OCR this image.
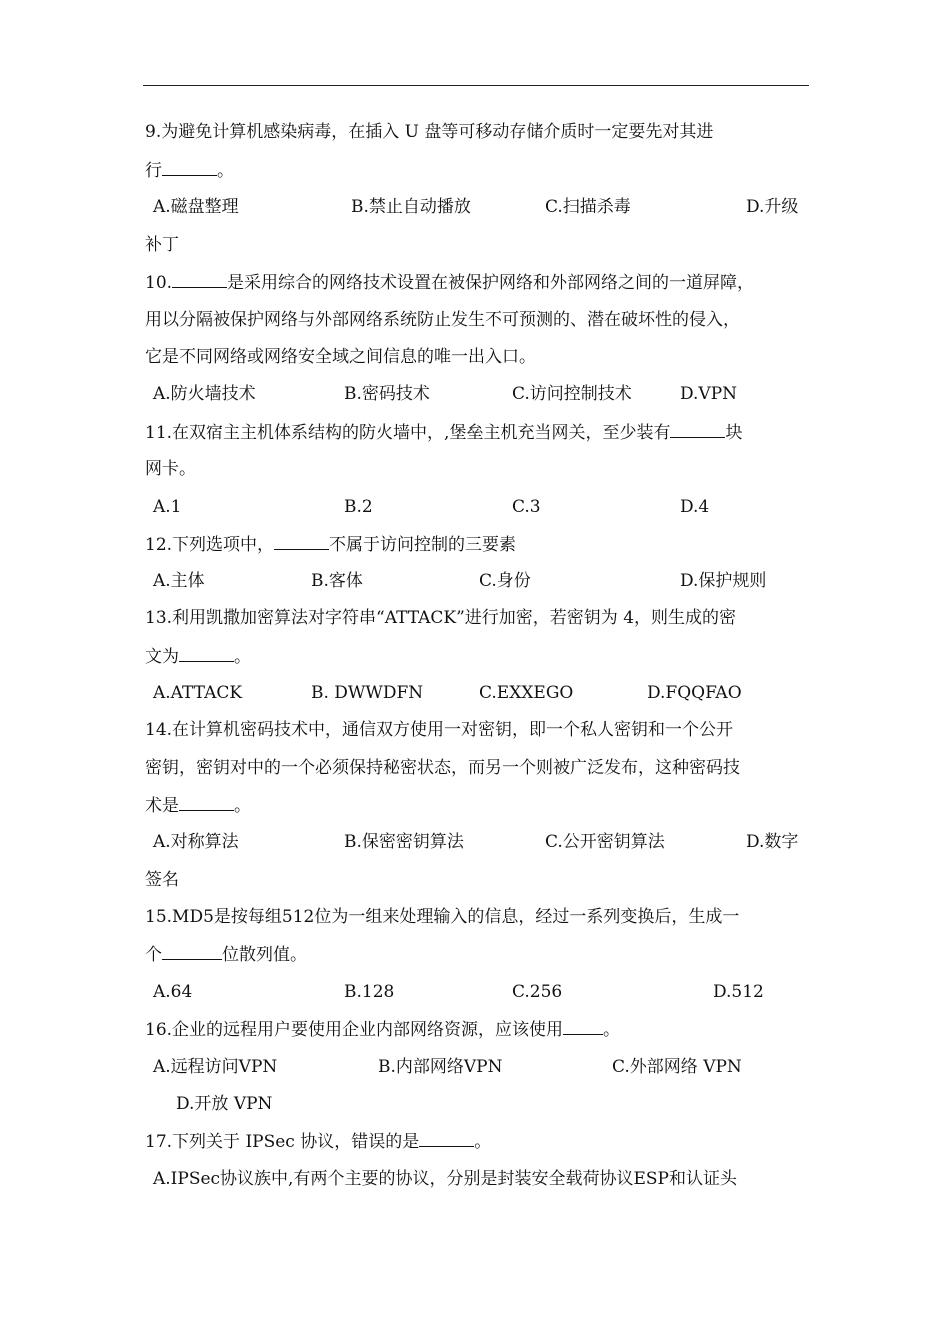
9.为避免计算机感染病毒，在插入 U 盘等可移动存储介质时一定要先对其进
行	。
A.磁盘整理	B.禁止自动播放	C.扫描杀毒	D.升级
补丁
10.	是采用综合的网络技术设置在被保护网络和外部网络之间的一道屏障，
用以分隔被保护网络与外部网络系统防止发生不可预测的、潜在破坏性的侵入，
它是不同网络或网络安全域之间信息的唯一出入口。
A.防火墙技术	B.密码技术	C.访问控制技术	D.VPN
11.在双宿主主机体系结构的防火墙中，,堡垒主机充当网关，至少装有	块
网卡。
A.1	B.2	C.3	D.4
12.下列选项中，	不属于访问控制的三要素
A.主体	B.客体	C.身份	D.保护规则
13.利用凯撒加密算法对字符串“ATTACK”进行加密，若密钥为 4，则生成的密
文为	。
A.ATTACK	B. DWWDFN	C.EXXEGO	D.FQQFAO
14.在计算机密码技术中，通信双方使用一对密钥，即一个私人密钥和一个公开
密钥，密钥对中的一个必须保持秘密状态，而另一个则被广泛发布，这种密码技
术是	。
A.对称算法	B.保密密钥算法	C.公开密钥算法	D.数字
签名
15.MD5是按每组512位为一组来处理输入的信息，经过一系列变换后，生成一
个	位散列值。
A.64	B.128	C.256	D.512
16.企业的远程用户要使用企业内部网络资源，应该使用 。
A.远程访问VPN	B.内部网络VPN	C.外部网络 VPN
D.开放 VPN
17.下列关于 IPSec 协议，错误的是	。
A.IPSec协议族中,有两个主要的协议，分别是封装安全载荷协议ESP和认证头
